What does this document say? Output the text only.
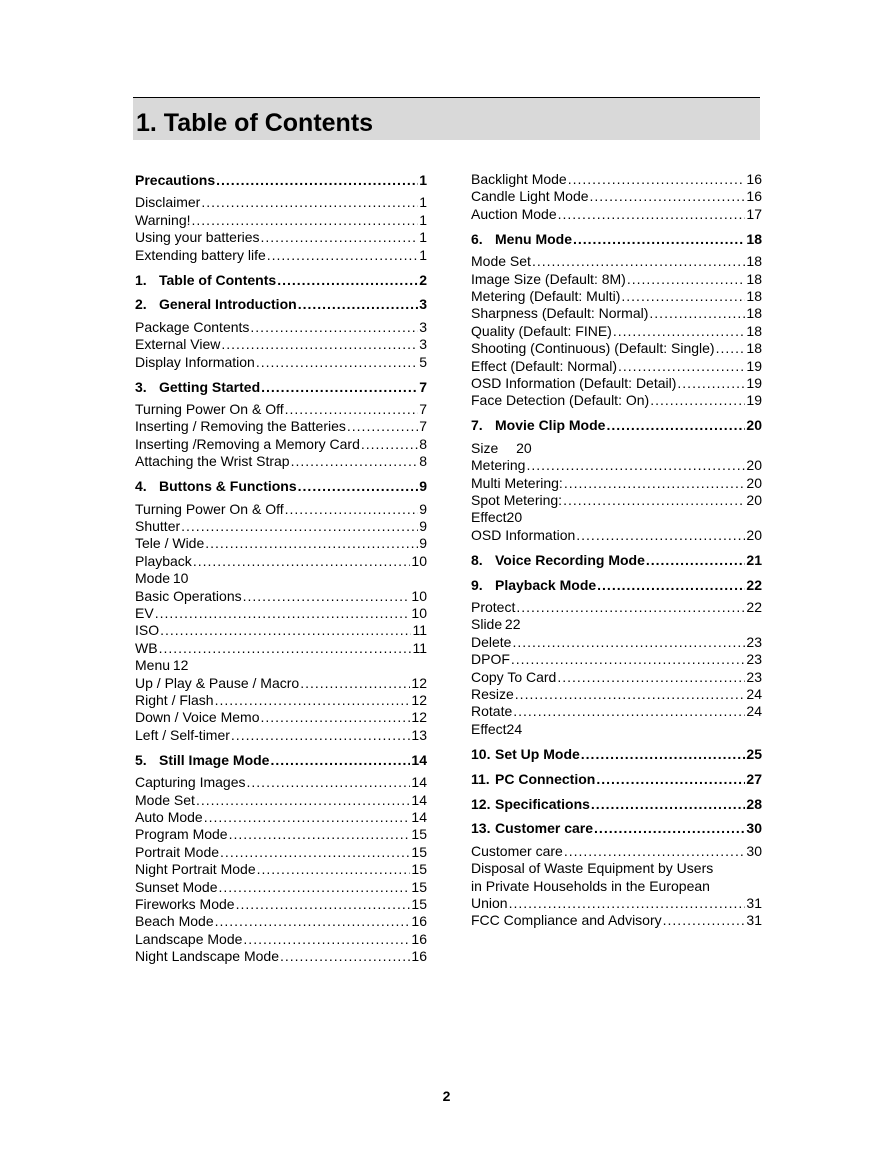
1. Table of Contents
Precautions .....	1
Disclaimer .....	1
Warning! .....	1
Using your batteries .....	1
Extending battery life .....	1
1. Table of Contents .....	2
2. General Introduction .....	3
Package Contents .....	3
External View .....	3
Display Information .....	5
3. Getting Started .....	7
Turning Power On & Off .....	7
Inserting / Removing the Batteries .....	7
Inserting /Removing a Memory Card .....	8
Attaching the Wrist Strap .....	8
4. Buttons & Functions .....	9
Turning Power On & Off .....	9
Shutter .....	9
Tele / Wide .....	9
Playback .....	10
Mode 10
Basic Operations .....	10
EV .....	10
ISO .....	11
WB .....	11
Menu 12
Up / Play & Pause / Macro .....	12
Right / Flash .....	12
Down / Voice Memo .....	12
Left / Self-timer .....	13
5. Still Image Mode .....	14
Capturing Images .....	14
Mode Set .....	14
Auto Mode .....	14
Program Mode .....	15
Portrait Mode .....	15
Night Portrait Mode .....	15
Sunset Mode .....	15
Fireworks Mode .....	15
Beach Mode .....	16
Landscape Mode .....	16
Night Landscape Mode .....	16
Backlight Mode .....	16
Candle Light Mode .....	16
Auction Mode .....	17
6. Menu Mode .....	18
Mode Set .....	18
Image Size (Default: 8M) .....	18
Metering (Default: Multi) .....	18
Sharpness (Default: Normal) .....	18
Quality (Default: FINE) .....	18
Shooting (Continuous) (Default: Single) ..... 18
Effect (Default: Normal) .....	19
OSD Information (Default: Detail) .....	19
Face Detection (Default: On) .....	19
7. Movie Clip Mode .....	20
Size  20
Metering .....	20
Multi Metering: .....	20
Spot Metering: .....	20
Effect20
OSD Information .....	20
8. Voice Recording Mode .....	21
9. Playback Mode .....	22
Protect .....	22
Slide 22
Delete .....	23
DPOF .....	23
Copy To Card .....	23
Resize .....	24
Rotate .....	24
Effect24
10. Set Up Mode .....	25
11. PC Connection .....	27
12. Specifications .....	28
13. Customer care .....	30
Customer care .....	30
Disposal of Waste Equipment by Users
in Private Households in the European
Union .....	31
FCC Compliance and Advisory .....	31
2
